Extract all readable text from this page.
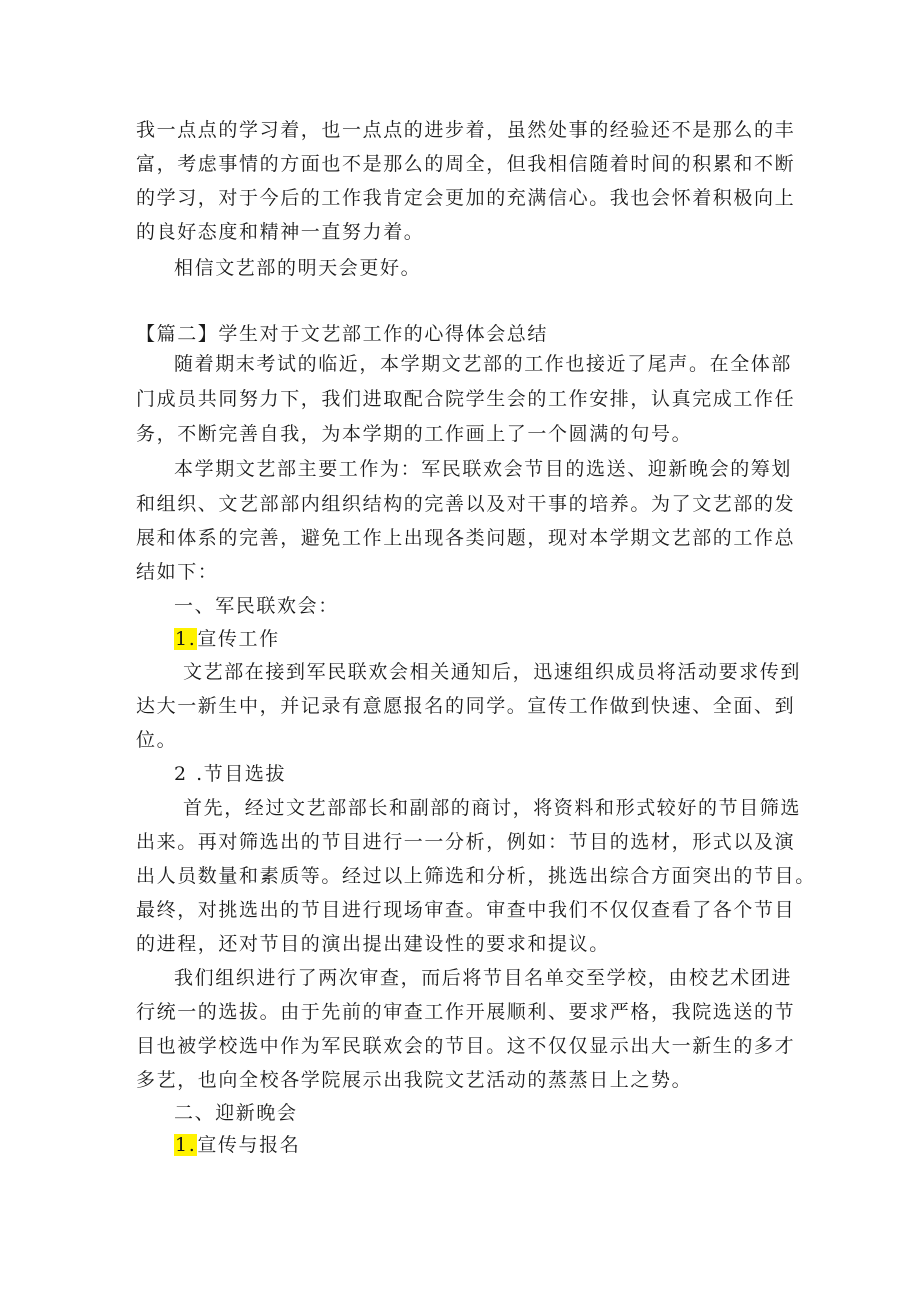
我一点点的学习着，也一点点的进步着，虽然处事的经验还不是那么的丰
富，考虑事情的方面也不是那么的周全，但我相信随着时间的积累和不断
的学习，对于今后的工作我肯定会更加的充满信心。我也会怀着积极向上
的良好态度和精神一直努力着。
相信文艺部的明天会更好。
【篇二】学生对于文艺部工作的心得体会总结
随着期末考试的临近，本学期文艺部的工作也接近了尾声。在全体部
门成员共同努力下，我们进取配合院学生会的工作安排，认真完成工作任
务，不断完善自我，为本学期的工作画上了一个圆满的句号。
本学期文艺部主要工作为：军民联欢会节目的选送、迎新晚会的筹划
和组织、文艺部部内组织结构的完善以及对干事的培养。为了文艺部的发
展和体系的完善，避免工作上出现各类问题，现对本学期文艺部的工作总
结如下：
一、军民联欢会：
1.宣传工作
文艺部在接到军民联欢会相关通知后，迅速组织成员将活动要求传到
达大一新生中，并记录有意愿报名的同学。宣传工作做到快速、全面、到
位。
2.节目选拔
首先，经过文艺部部长和副部的商讨，将资料和形式较好的节目筛选
出来。再对筛选出的节目进行一一分析，例如：节目的选材，形式以及演
出人员数量和素质等。经过以上筛选和分析，挑选出综合方面突出的节目。
最终，对挑选出的节目进行现场审查。审查中我们不仅仅查看了各个节目
的进程，还对节目的演出提出建设性的要求和提议。
我们组织进行了两次审查，而后将节目名单交至学校，由校艺术团进
行统一的选拔。由于先前的审查工作开展顺利、要求严格，我院选送的节
目也被学校选中作为军民联欢会的节目。这不仅仅显示出大一新生的多才
多艺，也向全校各学院展示出我院文艺活动的蒸蒸日上之势。
二、迎新晚会
1.宣传与报名
